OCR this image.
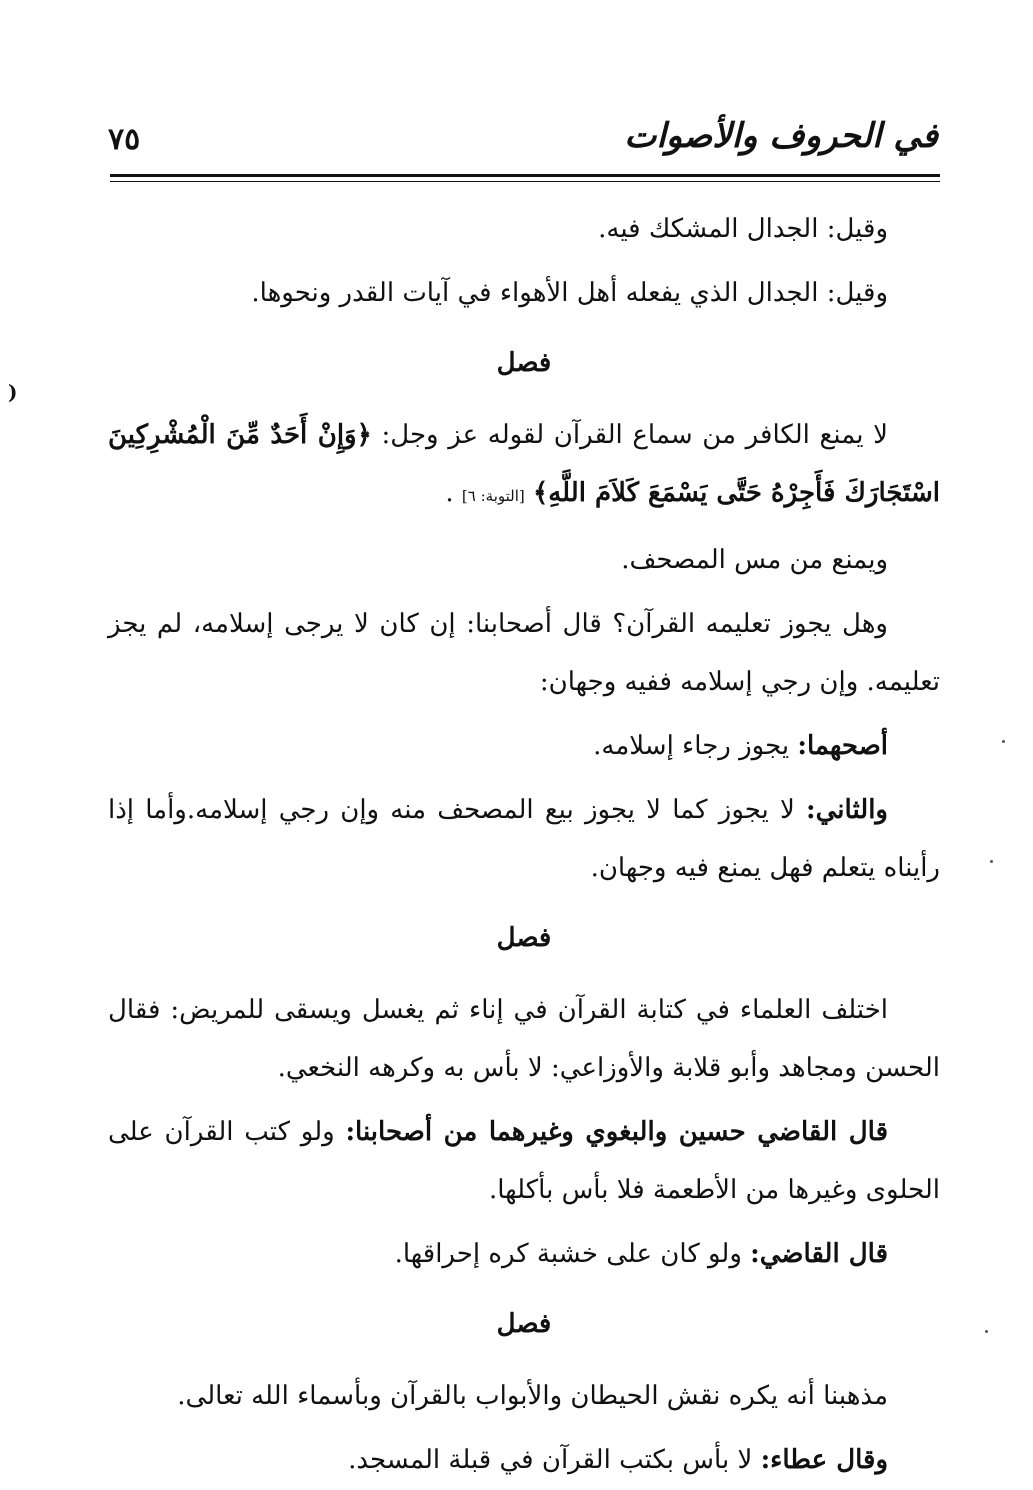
في الحروف والأصوات
٧٥
)

وقيل: الجدال المشكك فيه.

وقيل: الجدال الذي يفعله أهل الأهواء في آيات القدر ونحوها.

فصل

لا يمنع الكافر من سماع القرآن لقوله عز وجل: ﴿وَإِنْ أَحَدٌ مِّنَ الْمُشْرِكِينَ اسْتَجَارَكَ فَأَجِرْهُ حَتَّى يَسْمَعَ كَلاَمَ اللَّهِ﴾ [التوبة: ٦] .

ويمنع من مس المصحف.

وهل يجوز تعليمه القرآن؟ قال أصحابنا: إن كان لا يرجى إسلامه، لم يجز تعليمه. وإن رجي إسلامه ففيه وجهان:

أصحهما: يجوز رجاء إسلامه.

والثاني: لا يجوز كما لا يجوز بيع المصحف منه وإن رجي إسلامه.وأما إذا رأيناه يتعلم فهل يمنع فيه وجهان.

فصل

اختلف العلماء في كتابة القرآن في إناء ثم يغسل ويسقى للمريض: فقال الحسن ومجاهد وأبو قلابة والأوزاعي: لا بأس به وكرهه النخعي.

قال القاضي حسين والبغوي وغيرهما من أصحابنا: ولو كتب القرآن على الحلوى وغيرها من الأطعمة فلا بأس بأكلها.

قال القاضي: ولو كان على خشبة كره إحراقها.

فصل

مذهبنا أنه يكره نقش الحيطان والأبواب بالقرآن وبأسماء الله تعالى.

وقال عطاء: لا بأس بكتب القرآن في قبلة المسجد.
